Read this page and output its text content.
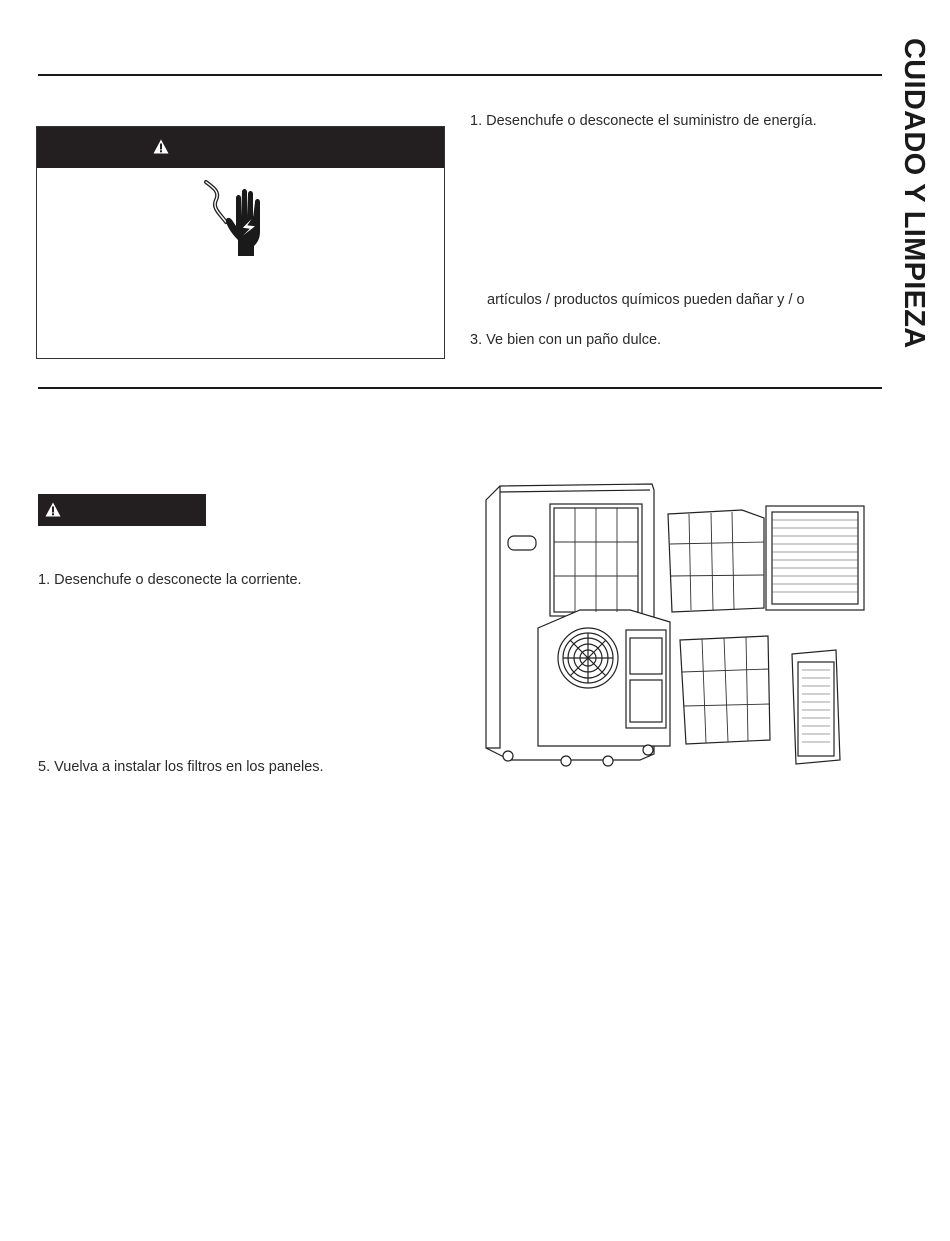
CUIDADO Y LIMPIEZA
1. Desenchufe o desconecte el suministro de energía.
artículos / productos químicos pueden dañar y / o
3. Ve bien con un paño dulce.
1. Desenchufe o desconecte la corriente.
5. Vuelva a instalar los filtros en los paneles.
